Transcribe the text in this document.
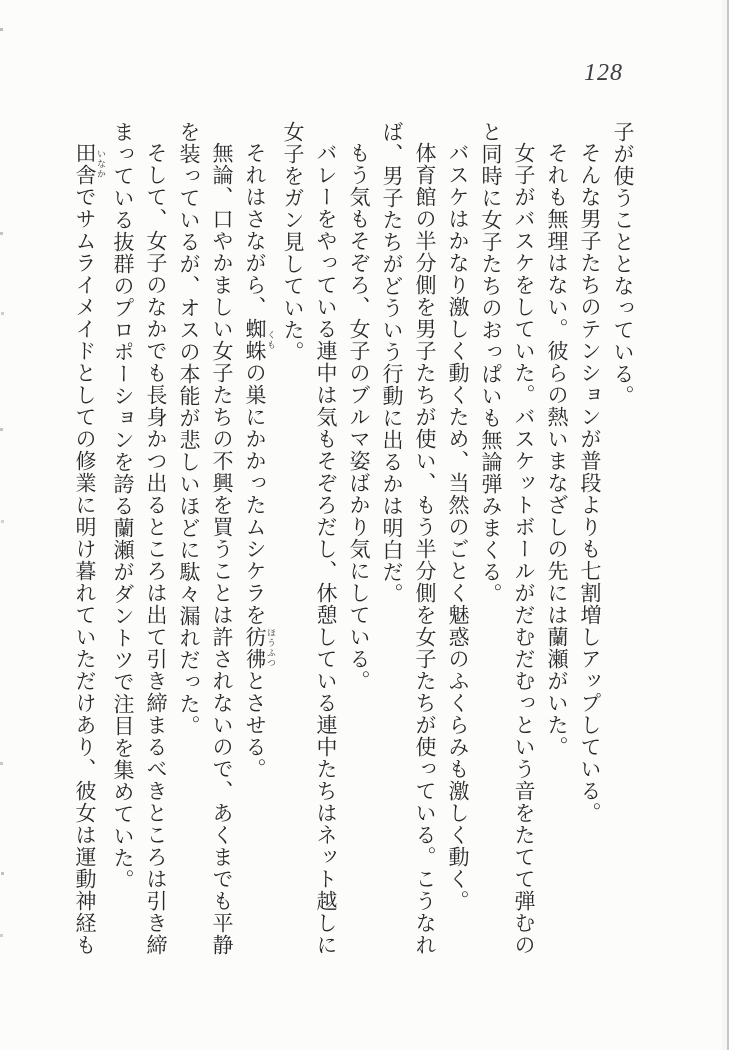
128

子が使うこととなっている。

そんな男子たちのテンションが普段よりも七割増しアップしている。

それも無理はない。彼らの熱いまなざしの先には蘭瀬がいた。

女子がバスケをしていた。バスケットボールがだむだむっという音をたてて弾むのと同時に女子たちのおっぱいも無論弾みまくる。

バスケはかなり激しく動くため、当然のごとく魅惑のふくらみも激しく動く。

体育館の半分側を男子たちが使い、もう半分側を女子たちが使っている。こうなれば、男子たちがどういう行動に出るかは明白だ。

もう気もそぞろ、女子のブルマ姿ばかり気にしている。

バレーをやっている連中は気もそぞろだし、休憩している連中たちはネット越しに女子をガン見していた。

それはさながら、蜘蛛 くもの巣にかかったムシケラを彷彿 ほうふつとさせる。

無論、口やかましい女子たちの不興を買うことは許されないので、あくまでも平静を装っているが、オスの本能が悲しいほどに駄々漏れだった。

そして、女子のなかでも長身かつ出るところは出て引き締まるべきところは引き締まっている抜群のプロポーションを誇る蘭瀬がダントツで注目を集めていた。

田舎 いなかでサムライメイドとしての修業に明け暮れていただけあり、彼女は運動神経も
